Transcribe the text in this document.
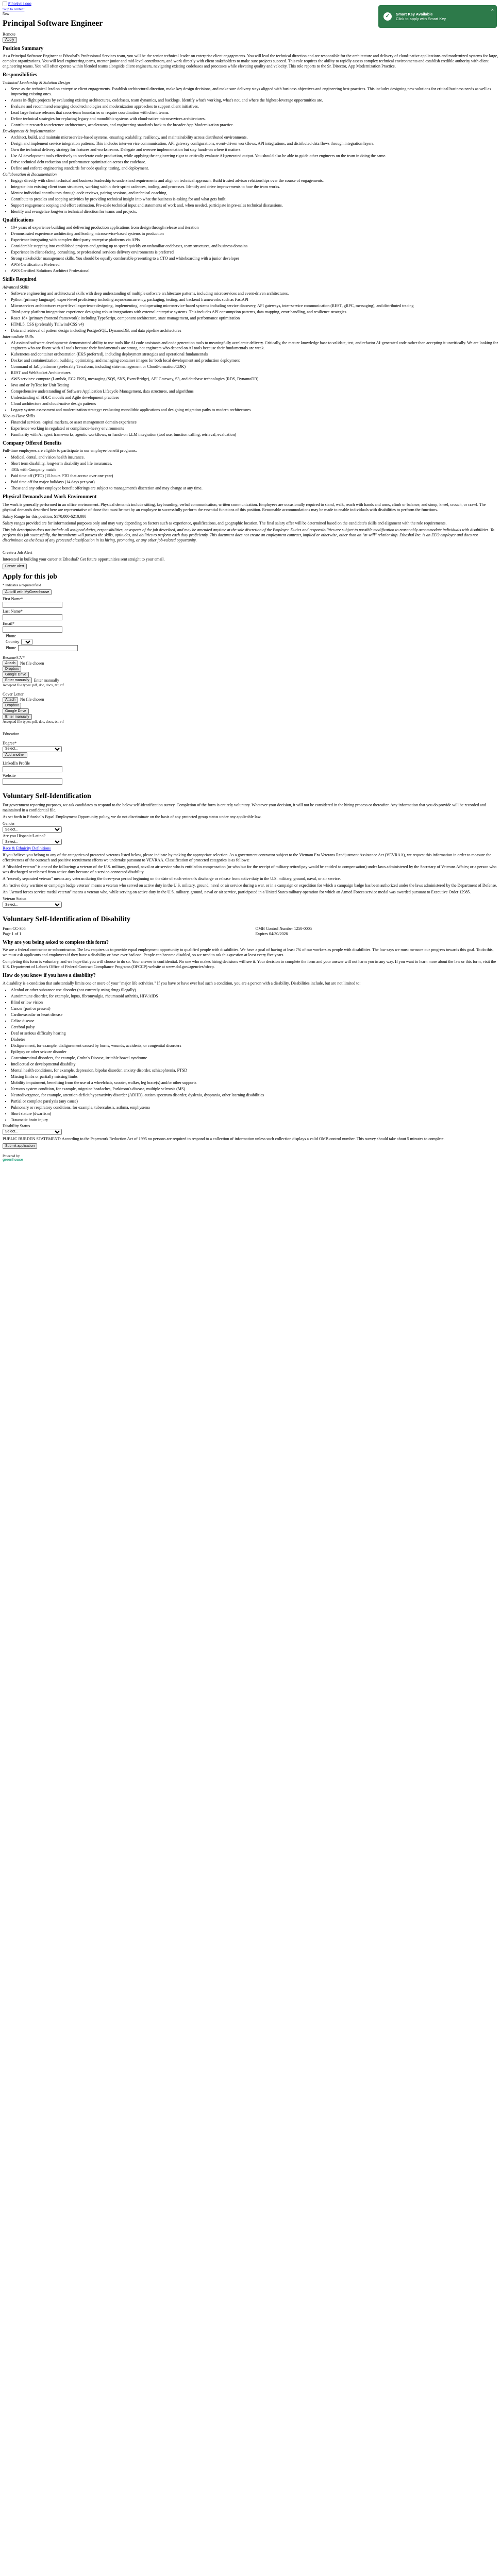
✓	Smart Key Available
Click to apply with Smart Key
×
Ethoshal Logo
Skip to content
New
Principal Software Engineer
Remote
Apply
Position Summary

As a Principal Software Engineer at Ethoshal's Professional Services team, you will be the senior technical leader on enterprise client engagements. You will lead the technical direction and are responsible for the architecture and delivery of cloud-native applications and modernized systems for large, complex organizations. You will lead engineering teams, mentor junior and mid-level contributors, and work directly with client stakeholders to make sure projects succeed. This role requires the ability to rapidly assess complex technical environments and establish credible authority with client engineering teams. You will often operate within blended teams alongside client engineers, navigating existing codebases and processes while elevating quality and velocity. This role reports to the Sr. Director, App Modernization Practice.

Responsibilities
Technical Leadership & Solution Design
• Serve as the technical lead on enterprise client engagements. Establish architectural direction, make key design decisions, and make sure delivery stays aligned with business objectives and engineering best practices. This includes designing new solutions for critical business needs as well as improving existing ones.
• Assess in-flight projects by evaluating existing architectures, codebases, team dynamics, and backlogs. Identify what's working, what's not, and where the highest-leverage opportunities are.
• Evaluate and recommend emerging cloud technologies and modernization approaches to support client initiatives.
• Lead large feature releases that cross-team boundaries or require coordination with client teams.
• Define technical strategies for replacing legacy and monolithic systems with cloud-native microservices architectures.
• Contribute research to reference architectures, accelerators, and engineering standards back to the broader App Modernization practice.
Development & Implementation
• Architect, build, and maintain microservice-based systems, ensuring scalability, resiliency, and maintainability across distributed environments.
• Design and implement service integration patterns. This includes inter-service communication, API gateway configurations, event-driven workflows, API integrations, and distributed data flows through integration layers.
• Own the technical delivery strategy for features and workstreams. Delegate and oversee implementation but stay hands-on where it matters.
• Use AI development tools effectively to accelerate code production, while applying the engineering rigor to critically evaluate AI-generated output. You should also be able to guide other engineers on the team in doing the same.
• Drive technical debt reduction and performance optimization across the codebase.
• Define and enforce engineering standards for code quality, testing, and deployment.
Collaboration & Documentation
• Engage directly with client technical and business leadership to understand requirements and align on technical approach. Build trusted advisor relationships over the course of engagements.
• Integrate into existing client team structures, working within their sprint cadences, tooling, and processes. Identify and drive improvements to how the team works.
• Mentor individual contributors through code reviews, pairing sessions, and technical coaching.
• Contribute to presales and scoping activities by providing technical insight into what the business is asking for and what gets built.
• Support engagement scoping and effort estimation. Pre-scale technical input and statements of work and, when needed, participate in pre-sales technical discussions.
• Identify and evangelize long-term technical direction for teams and projects.
Qualifications
• 10+ years of experience building and delivering production applications from design through release and iteration
• Demonstrated experience architecting and leading microservice-based systems in production
• Experience integrating with complex third-party enterprise platforms via APIs
• Considerable stepping into established projects and getting up to speed quickly on unfamiliar codebases, team structures, and business domains
• Experience in client-facing, consulting, or professional services delivery environments is preferred
• Strong stakeholder management skills. You should be equally comfortable presenting to a CTO and whiteboarding with a junior developer
• AWS Certifications Preferred
• AWS Certified Solutions Architect Professional
Skills Required
Advanced Skills
• Software engineering and architectural skills with deep understanding of multiple software architecture patterns, including microservices and event-driven architectures.
• Python (primary language): expert-level proficiency including async/concurrency, packaging, testing, and backend frameworks such as FastAPI
• Microservices architecture: expert-level experience designing, implementing, and operating microservice-based systems including service discovery, API gateways, inter-service communication (REST, gRPC, messaging), and distributed tracing
• Third-party platform integration: experience designing robust integrations with external enterprise systems. This includes API consumption patterns, data mapping, error handling, and resilience strategies.
• React 18+ (primary frontend framework): including TypeScript, component architecture, state management, and performance optimization
• HTML5, CSS (preferably Tailwind/CSS v4)
• Data and retrieval of pattern design including PostgreSQL, DynamoDB, and data pipeline architectures
Intermediate Skills
• AI-assisted software development: demonstrated ability to use tools like AI code assistants and code generation tools to meaningfully accelerate delivery. Critically, the mature knowledge base to validate, test, and refactor AI-generated code rather than accepting it uncritically. We are looking for engineers who are fluent with AI tools because their fundamentals are strong, not engineers who depend on AI tools because their fundamentals are weak.
• Kubernetes and container orchestration (EKS preferred), including deployment strategies and operational fundamentals
• Docker and containerization: building, optimizing, and managing container images for both local development and production deployment
• Command of IaC platforms (preferably Terraform, including state management or CloudFormation/CDK)
• REST and WebSocket Architectures
• AWS services: compute (Lambda, EC2 EKS), messaging (SQS, SNS, EventBridge), API Gateway, S3, and database technologies (RDS, DynamoDB)
• Java and or PyTest for Unit Testing
• Comprehensive understanding of Software Application Lifecycle Management, data structures, and algorithms
• Understanding of SDLC models and Agile development practices
• Cloud architecture and cloud-native design patterns
• Legacy system assessment and modernization strategy: evaluating monolithic applications and designing migration paths to modern architectures
Nice-to-Have Skills
• Financial services, capital markets, or asset management domain experience
• Experience working in regulated or compliance-heavy environments
• Familiarity with AI agent frameworks, agentic workflows, or hands-on LLM integration (tool use, function calling, retrieval, evaluation)
Company Offered Benefits

Full-time employees are eligible to participate in our employee benefit programs:

• Medical, dental, and vision health insurance.
• Short term disability, long-term disability and life insurances.
• 401k with Company match
• Paid time off (PTO) (15 hours PTO that accrue over one year)
• Paid time off for major holidays (14 days per year)
• These and any other employee benefit offerings are subject to management's discretion and may change at any time.
Physical Demands and Work Environment

The work is generally performed in an office environment. Physical demands include sitting, keyboarding, verbal communication, written communication. Employees are occasionally required to stand, walk, reach with hands and arms, climb or balance, and stoop, kneel, crouch, or crawl. The physical demands described here are representative of those that must be met by an employee to successfully perform the essential functions of this position. Reasonable accommodations may be made to enable individuals with disabilities to perform the functions.

Salary Range for this position: $170,000-$210,000

Salary ranges provided are for informational purposes only and may vary depending on factors such as experience, qualifications, and geographic location. The final salary offer will be determined based on the candidate's skills and alignment with the role requirements.

This job description does not include all assigned duties, responsibilities, or aspects of the job described, and may be amended anytime at the sole discretion of the Employer. Duties and responsibilities are subject to possible modification to reasonably accommodate individuals with disabilities. To perform this job successfully, the incumbents will possess the skills, aptitudes, and abilities to perform each duty proficiently. This document does not create an employment contract, implied or otherwise, other than an "at-will" relationship. Ethoshal Inc. is an EEO employer and does not discriminate on the basis of any protected classification in its hiring, promoting, or any other job-related opportunity.

Create a Job Alert

Interested in building your career at Ethoshal? Get future opportunities sent straight to your email.

Create alert
Apply for this job
* indicates a required field
Autofill with MyGreenhouse
First Name*
Last Name*
Email*
Phone
Country
Phone
Resume/CV*
Attach	No file chosen
Dropbox
Google Drive
Enter manually	Enter manually
Accepted file types: pdf, doc, docx, txt, rtf
Cover Letter
Attach	No file chosen
Dropbox
Google Drive
Enter manually
Accepted file types: pdf, doc, docx, txt, rtf
Education
Degree*
Select...
Add another
LinkedIn Profile
Website
Voluntary Self-Identification

For government reporting purposes, we ask candidates to respond to the below self-identification survey. Completion of the form is entirely voluntary. Whatever your decision, it will not be considered in the hiring process or thereafter. Any information that you do provide will be recorded and maintained in a confidential file.

As set forth in Ethoshal's Equal Employment Opportunity policy, we do not discriminate on the basis of any protected group status under any applicable law.

Gender
Select...
Are you Hispanic/Latino?
Select...
Race & Ethnicity Definitions

If you believe you belong to any of the categories of protected veterans listed below, please indicate by making the appropriate selection. As a government contractor subject to the Vietnam Era Veterans Readjustment Assistance Act (VEVRAA), we request this information in order to measure the effectiveness of the outreach and positive recruitment efforts we undertake pursuant to VEVRAA. Classification of protected categories is as follows:

A "disabled veteran" is one of the following: a veteran of the U.S. military, ground, naval or air service who is entitled to compensation (or who but for the receipt of military retired pay would be entitled to compensation) under laws administered by the Secretary of Veterans Affairs; or a person who was discharged or released from active duty because of a service-connected disability.

A "recently separated veteran" means any veteran during the three-year period beginning on the date of such veteran's discharge or release from active duty in the U.S. military, ground, naval, or air service.

An "active duty wartime or campaign badge veteran" means a veteran who served on active duty in the U.S. military, ground, naval or air service during a war, or in a campaign or expedition for which a campaign badge has been authorized under the laws administered by the Department of Defense.

An "Armed forces service medal veteran" means a veteran who, while serving on active duty in the U.S. military, ground, naval or air service, participated in a United States military operation for which an Armed Forces service medal was awarded pursuant to Executive Order 12985.

Veteran Status
Select...
Voluntary Self-Identification of Disability
Form CC-305
Page 1 of 1
OMB Control Number 1250-0005
Expires 04/30/2026
Why are you being asked to complete this form?

We are a federal contractor or subcontractor. The law requires us to provide equal employment opportunity to qualified people with disabilities. We have a goal of having at least 7% of our workers as people with disabilities. The law says we must measure our progress towards this goal. To do this, we must ask applicants and employees if they have a disability or have ever had one. People can become disabled, so we need to ask this question at least every five years.

Completing this form is voluntary, and we hope that you will choose to do so. Your answer is confidential. No one who makes hiring decisions will see it. Your decision to complete the form and your answer will not harm you in any way. If you want to learn more about the law or this form, visit the U.S. Department of Labor's Office of Federal Contract Compliance Programs (OFCCP) website at www.dol.gov/agencies/ofccp.

How do you know if you have a disability?

A disability is a condition that substantially limits one or more of your "major life activities." If you have or have ever had such a condition, you are a person with a disability. Disabilities include, but are not limited to:

• Alcohol or other substance use disorder (not currently using drugs illegally)
• Autoimmune disorder, for example, lupus, fibromyalgia, rheumatoid arthritis, HIV/AIDS
• Blind or low vision
• Cancer (past or present)
• Cardiovascular or heart disease
• Celiac disease
• Cerebral palsy
• Deaf or serious difficulty hearing
• Diabetes
• Disfigurement, for example, disfigurement caused by burns, wounds, accidents, or congenital disorders
• Epilepsy or other seizure disorder
• Gastrointestinal disorders, for example, Crohn's Disease, irritable bowel syndrome
• Intellectual or developmental disability
• Mental health conditions, for example, depression, bipolar disorder, anxiety disorder, schizophrenia, PTSD
• Missing limbs or partially missing limbs
• Mobility impairment, benefiting from the use of a wheelchair, scooter, walker, leg brace(s) and/or other supports
• Nervous system condition, for example, migraine headaches, Parkinson's disease, multiple sclerosis (MS)
• Neurodivergence, for example, attention-deficit/hyperactivity disorder (ADHD), autism spectrum disorder, dyslexia, dyspraxia, other learning disabilities
• Partial or complete paralysis (any cause)
• Pulmonary or respiratory conditions, for example, tuberculosis, asthma, emphysema
• Short stature (dwarfism)
• Traumatic brain injury
Disability Status
Select...

PUBLIC BURDEN STATEMENT: According to the Paperwork Reduction Act of 1995 no persons are required to respond to a collection of information unless such collection displays a valid OMB control number. This survey should take about 5 minutes to complete.

Submit application
Powered by
greenhouse
